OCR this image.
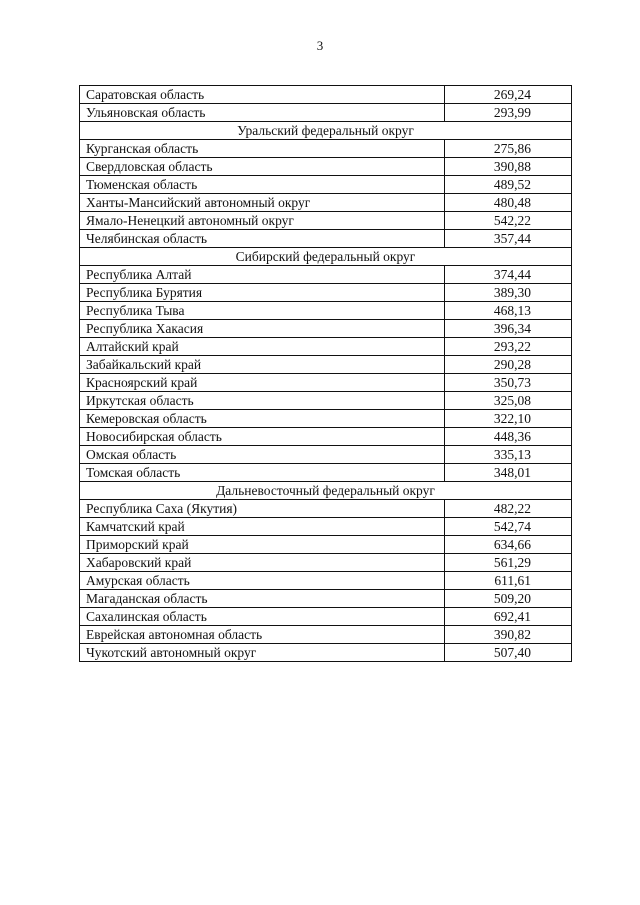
3
Саратовская область	269,24
Ульяновская область	293,99
Уральский федеральный округ	
Курганская область	275,86
Свердловская область	390,88
Тюменская область	489,52
Ханты-Мансийский автономный округ	480,48
Ямало-Ненецкий автономный округ	542,22
Челябинская область	357,44
Сибирский федеральный округ	
Республика Алтай	374,44
Республика Бурятия	389,30
Республика Тыва	468,13
Республика Хакасия	396,34
Алтайский край	293,22
Забайкальский край	290,28
Красноярский край	350,73
Иркутская область	325,08
Кемеровская область	322,10
Новосибирская область	448,36
Омская область	335,13
Томская область	348,01
Дальневосточный федеральный округ	
Республика Саха (Якутия)	482,22
Камчатский край	542,74
Приморский край	634,66
Хабаровский край	561,29
Амурская область	611,61
Магаданская область	509,20
Сахалинская область	692,41
Еврейская автономная область	390,82
Чукотский автономный округ	507,40
